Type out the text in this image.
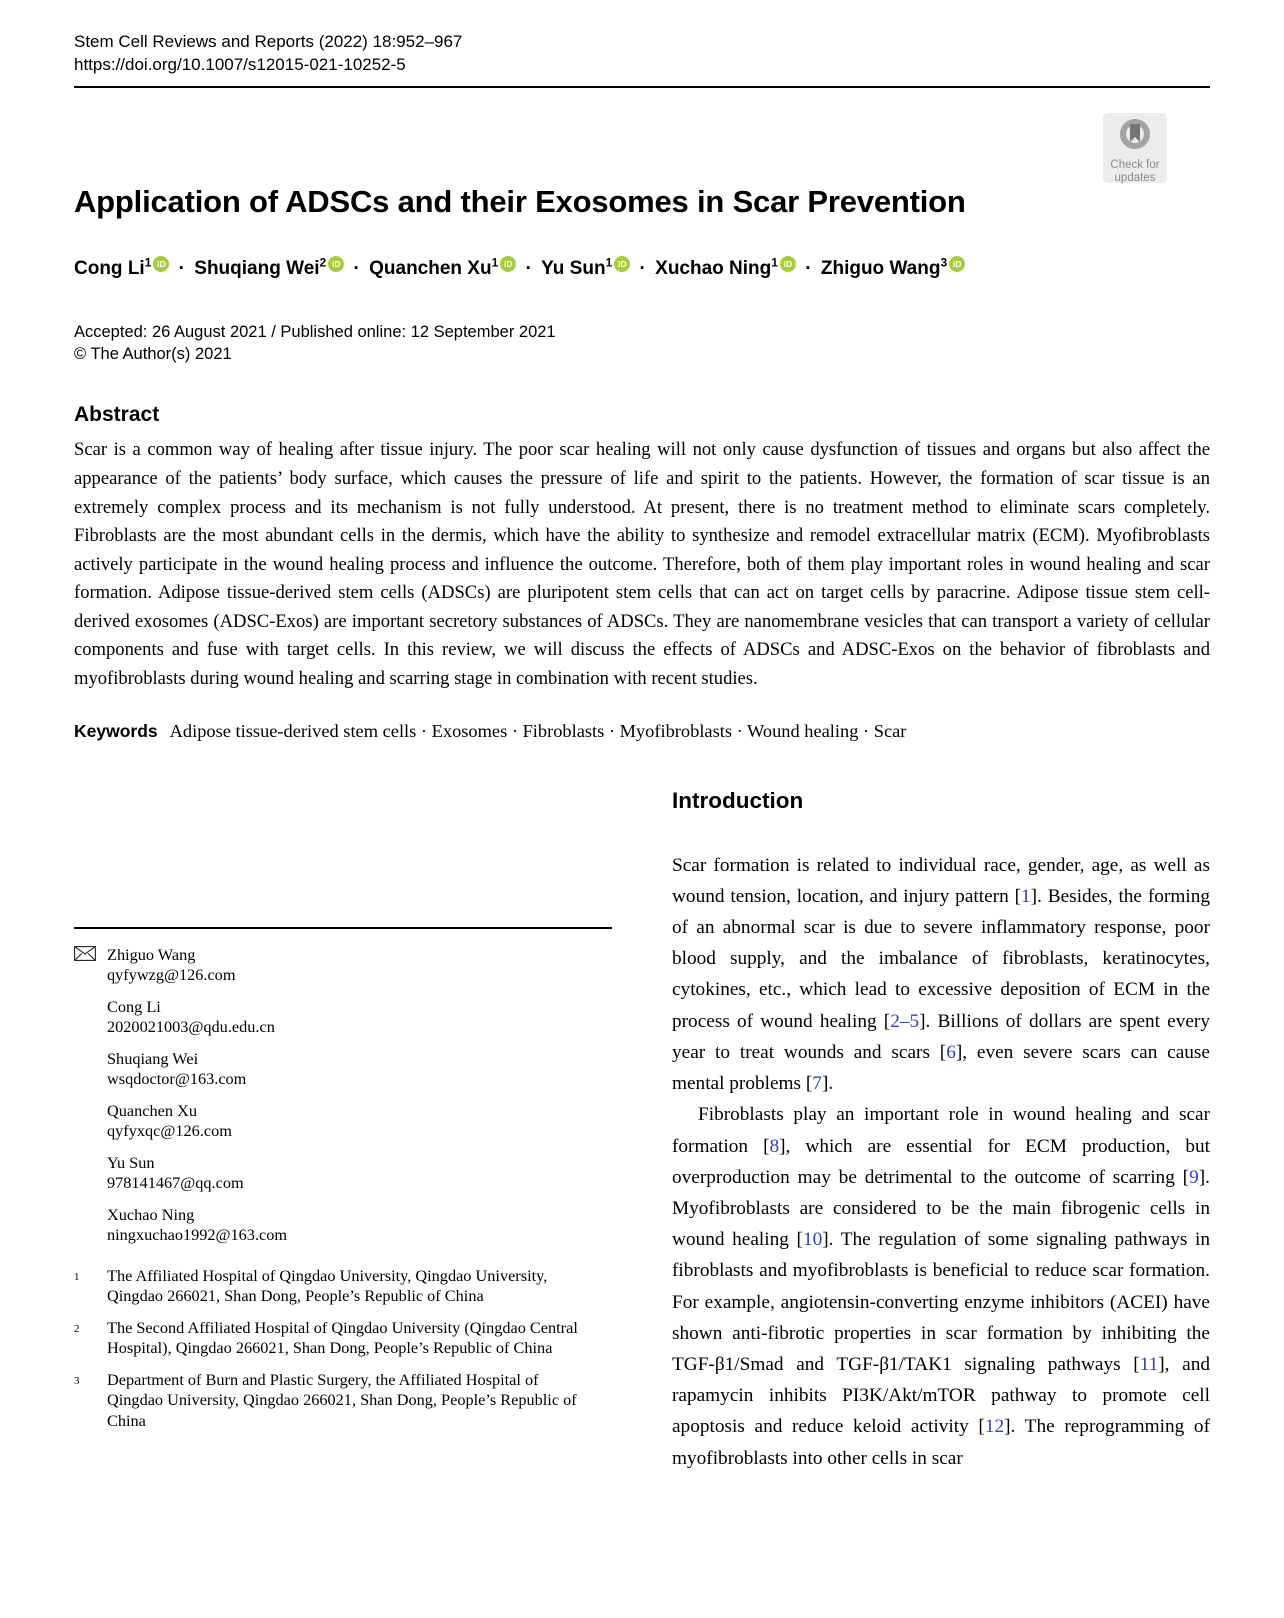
Stem Cell Reviews and Reports (2022) 18:952–967
https://doi.org/10.1007/s12015-021-10252-5
Check for
updates
Application of ADSCs and their Exosomes in Scar Prevention
Cong Li$^1$ iD · Shuqiang Wei$^2$ iD · Quanchen Xu$^1$ iD · Yu Sun$^1$ iD · Xuchao Ning$^1$ iD · Zhiguo Wang$^3$ iD
Accepted: 26 August 2021 / Published online: 12 September 2021
© The Author(s) 2021
Abstract

Scar is a common way of healing after tissue injury. The poor scar healing will not only cause dysfunction of tissues and organs but also affect the appearance of the patients’ body surface, which causes the pressure of life and spirit to the patients. However, the formation of scar tissue is an extremely complex process and its mechanism is not fully understood. At present, there is no treatment method to eliminate scars completely. Fibroblasts are the most abundant cells in the dermis, which have the ability to synthesize and remodel extracellular matrix (ECM). Myofibroblasts actively participate in the wound healing process and influence the outcome. Therefore, both of them play important roles in wound healing and scar formation. Adipose tissue-derived stem cells (ADSCs) are pluripotent stem cells that can act on target cells by paracrine. Adipose tissue stem cell-derived exosomes (ADSC-Exos) are important secretory substances of ADSCs. They are nanomembrane vesicles that can transport a variety of cellular components and fuse with target cells. In this review, we will discuss the effects of ADSCs and ADSC-Exos on the behavior of fibroblasts and myofibroblasts during wound healing and scarring stage in combination with recent studies.

Keywords Adipose tissue-derived stem cells · Exosomes · Fibroblasts · Myofibroblasts · Wound healing · Scar

Zhiguo Wang
qyfywzg@126.com
Cong Li
2020021003@qdu.edu.cn
Shuqiang Wei
wsqdoctor@163.com
Quanchen Xu
qyfyxqc@126.com
Yu Sun
978141467@qq.com
Xuchao Ning
ningxuchao1992@163.com
$^1$	The Affiliated Hospital of Qingdao University, Qingdao University, Qingdao 266021, Shan Dong, People’s Republic of China
$^2$	The Second Affiliated Hospital of Qingdao University (Qingdao Central Hospital), Qingdao 266021, Shan Dong, People’s Republic of China
$^3$	Department of Burn and Plastic Surgery, the Affiliated Hospital of Qingdao University, Qingdao 266021, Shan Dong, People’s Republic of China
Introduction

Scar formation is related to individual race, gender, age, as well as wound tension, location, and injury pattern [1]. Besides, the forming of an abnormal scar is due to severe inflammatory response, poor blood supply, and the imbalance of fibroblasts, keratinocytes, cytokines, etc., which lead to excessive deposition of ECM in the process of wound healing [2–5]. Billions of dollars are spent every year to treat wounds and scars [6], even severe scars can cause mental problems [7].

Fibroblasts play an important role in wound healing and scar formation [8], which are essential for ECM production, but overproduction may be detrimental to the outcome of scarring [9]. Myofibroblasts are considered to be the main fibrogenic cells in wound healing [10]. The regulation of some signaling pathways in fibroblasts and myofibroblasts is beneficial to reduce scar formation. For example, angiotensin-converting enzyme inhibitors (ACEI) have shown anti-fibrotic properties in scar formation by inhibiting the TGF-β1/Smad and TGF-β1/TAK1 signaling pathways [11], and rapamycin inhibits PI3K/Akt/mTOR pathway to promote cell apoptosis and reduce keloid activity [12]. The reprogramming of myofibroblasts into other cells in scar
